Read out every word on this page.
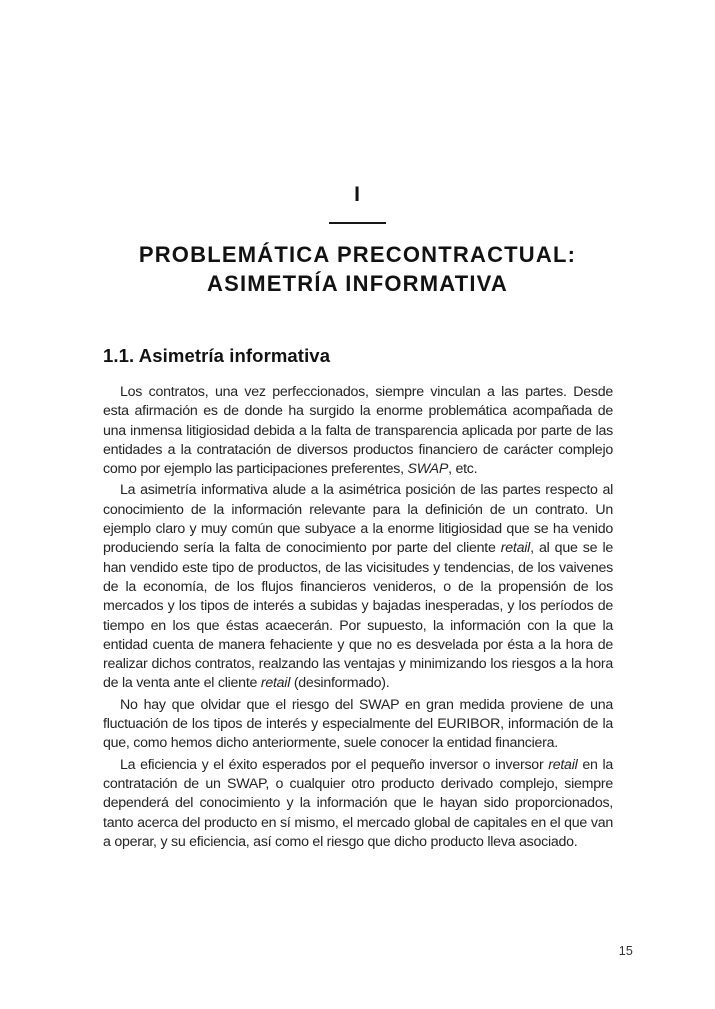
I
PROBLEMÁTICA PRECONTRACTUAL:
ASIMETRÍA INFORMATIVA
1.1. Asimetría informativa

Los contratos, una vez perfeccionados, siempre vinculan a las partes. Desde esta afirmación es de donde ha surgido la enorme problemática acompañada de una inmensa litigiosidad debida a la falta de transparencia aplicada por parte de las entidades a la contratación de diversos productos financiero de carácter complejo como por ejemplo las participaciones preferentes, SWAP, etc.

La asimetría informativa alude a la asimétrica posición de las partes respecto al conocimiento de la información relevante para la definición de un contrato. Un ejemplo claro y muy común que subyace a la enorme litigiosidad que se ha venido produciendo sería la falta de conocimiento por parte del cliente retail, al que se le han vendido este tipo de productos, de las vicisitudes y tendencias, de los vaivenes de la economía, de los flujos financieros venideros, o de la propensión de los mercados y los tipos de interés a subidas y bajadas inesperadas, y los períodos de tiempo en los que éstas acaecerán. Por supuesto, la información con la que la entidad cuenta de manera fehaciente y que no es desvelada por ésta a la hora de realizar dichos contratos, realzando las ventajas y minimizando los riesgos a la hora de la venta ante el cliente retail (desinformado).

No hay que olvidar que el riesgo del SWAP en gran medida proviene de una fluctuación de los tipos de interés y especialmente del EURIBOR, información de la que, como hemos dicho anteriormente, suele conocer la entidad financiera.

La eficiencia y el éxito esperados por el pequeño inversor o inversor retail en la contratación de un SWAP, o cualquier otro producto derivado complejo, siempre dependerá del conocimiento y la información que le hayan sido proporcionados, tanto acerca del producto en sí mismo, el mercado global de capitales en el que van a operar, y su eficiencia, así como el riesgo que dicho producto lleva asociado.

15
